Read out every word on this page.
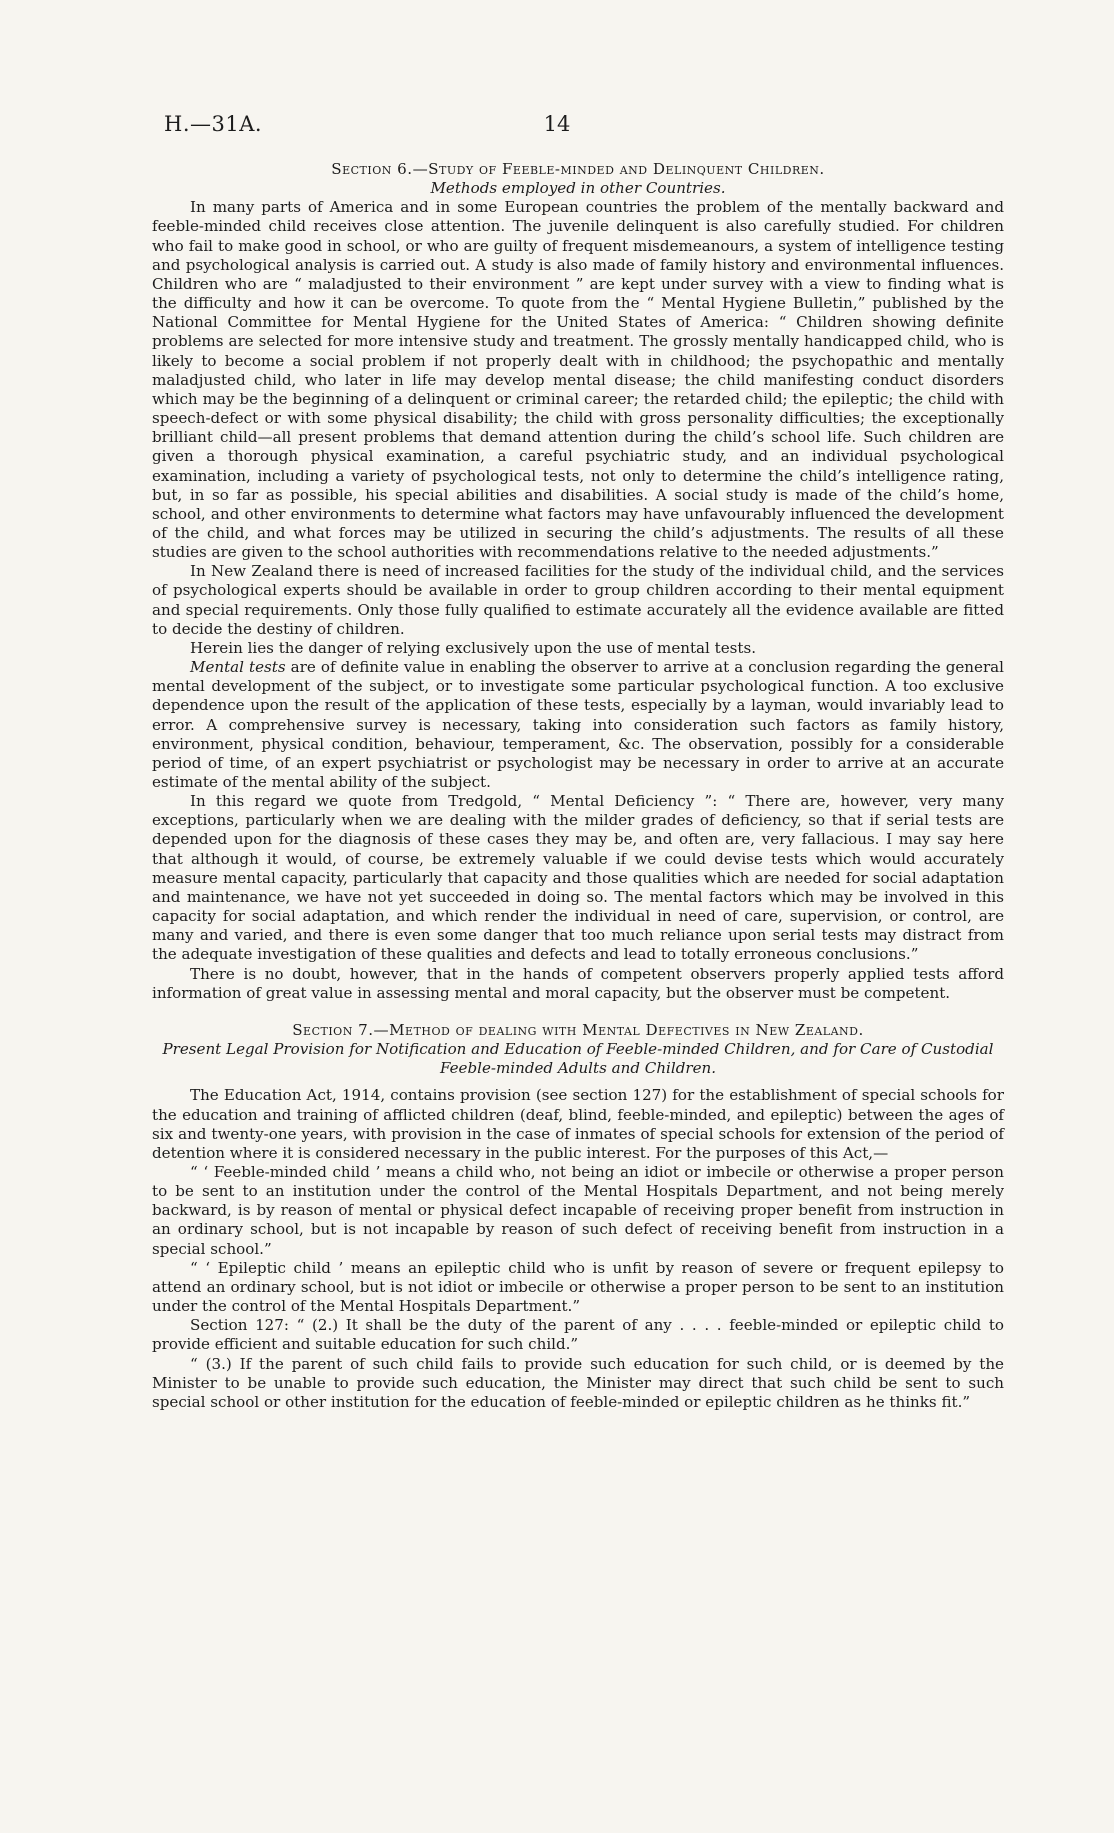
H.—31A.	14

Section 6.—Study of Feeble-minded and Delinquent Children.

Methods employed in other Countries.

In many parts of America and in some European countries the problem of the mentally backward and feeble-minded child receives close attention. The juvenile delinquent is also carefully studied. For children who fail to make good in school, or who are guilty of frequent misdemeanours, a system of intelligence testing and psychological analysis is carried out. A study is also made of family history and environmental influences. Children who are “ maladjusted to their environment ” are kept under survey with a view to finding what is the difficulty and how it can be overcome. To quote from the “ Mental Hygiene Bulletin,” published by the National Committee for Mental Hygiene for the United States of America: “ Children showing definite problems are selected for more intensive study and treatment. The grossly mentally handicapped child, who is likely to become a social problem if not properly dealt with in childhood; the psychopathic and mentally maladjusted child, who later in life may develop mental disease; the child manifesting conduct disorders which may be the beginning of a delinquent or criminal career; the retarded child; the epileptic; the child with speech-defect or with some physical disability; the child with gross personality difficulties; the exceptionally brilliant child—all present problems that demand attention during the child’s school life. Such children are given a thorough physical examination, a careful psychiatric study, and an individual psychological examination, including a variety of psychological tests, not only to determine the child’s intelligence rating, but, in so far as possible, his special abilities and disabilities. A social study is made of the child’s home, school, and other environments to determine what factors may have unfavourably influenced the development of the child, and what forces may be utilized in securing the child’s adjustments. The results of all these studies are given to the school authorities with recommendations relative to the needed adjustments.”

In New Zealand there is need of increased facilities for the study of the individual child, and the services of psychological experts should be available in order to group children according to their mental equipment and special requirements. Only those fully qualified to estimate accurately all the evidence available are fitted to decide the destiny of children.

Herein lies the danger of relying exclusively upon the use of mental tests.

Mental tests are of definite value in enabling the observer to arrive at a conclusion regarding the general mental development of the subject, or to investigate some particular psychological function. A too exclusive dependence upon the result of the application of these tests, especially by a layman, would invariably lead to error. A comprehensive survey is necessary, taking into consideration such factors as family history, environment, physical condition, behaviour, temperament, &c. The observation, possibly for a considerable period of time, of an expert psychiatrist or psychologist may be necessary in order to arrive at an accurate estimate of the mental ability of the subject.

In this regard we quote from Tredgold, “ Mental Deficiency ”: “ There are, however, very many exceptions, particularly when we are dealing with the milder grades of deficiency, so that if serial tests are depended upon for the diagnosis of these cases they may be, and often are, very fallacious. I may say here that although it would, of course, be extremely valuable if we could devise tests which would accurately measure mental capacity, particularly that capacity and those qualities which are needed for social adaptation and maintenance, we have not yet succeeded in doing so. The mental factors which may be involved in this capacity for social adaptation, and which render the individual in need of care, supervision, or control, are many and varied, and there is even some danger that too much reliance upon serial tests may distract from the adequate investigation of these qualities and defects and lead to totally erroneous conclusions.”

There is no doubt, however, that in the hands of competent observers properly applied tests afford information of great value in assessing mental and moral capacity, but the observer must be competent.

Section 7.—Method of dealing with Mental Defectives in New Zealand.

Present Legal Provision for Notification and Education of Feeble-minded Children, and for Care of Custodial Feeble-minded Adults and Children.

The Education Act, 1914, contains provision (see section 127) for the establishment of special schools for the education and training of afflicted children (deaf, blind, feeble-minded, and epileptic) between the ages of six and twenty-one years, with provision in the case of inmates of special schools for extension of the period of detention where it is considered necessary in the public interest. For the purposes of this Act,—

“ ‘ Feeble-minded child ’ means a child who, not being an idiot or imbecile or otherwise a proper person to be sent to an institution under the control of the Mental Hospitals Department, and not being merely backward, is by reason of mental or physical defect incapable of receiving proper benefit from instruction in an ordinary school, but is not incapable by reason of such defect of receiving benefit from instruction in a special school.”

“ ‘ Epileptic child ’ means an epileptic child who is unfit by reason of severe or frequent epilepsy to attend an ordinary school, but is not idiot or imbecile or otherwise a proper person to be sent to an institution under the control of the Mental Hospitals Department.”

Section 127: “ (2.) It shall be the duty of the parent of any . . . . feeble-minded or epileptic child to provide efficient and suitable education for such child.”

“ (3.) If the parent of such child fails to provide such education for such child, or is deemed by the Minister to be unable to provide such education, the Minister may direct that such child be sent to such special school or other institution for the education of feeble-minded or epileptic children as he thinks fit.”
